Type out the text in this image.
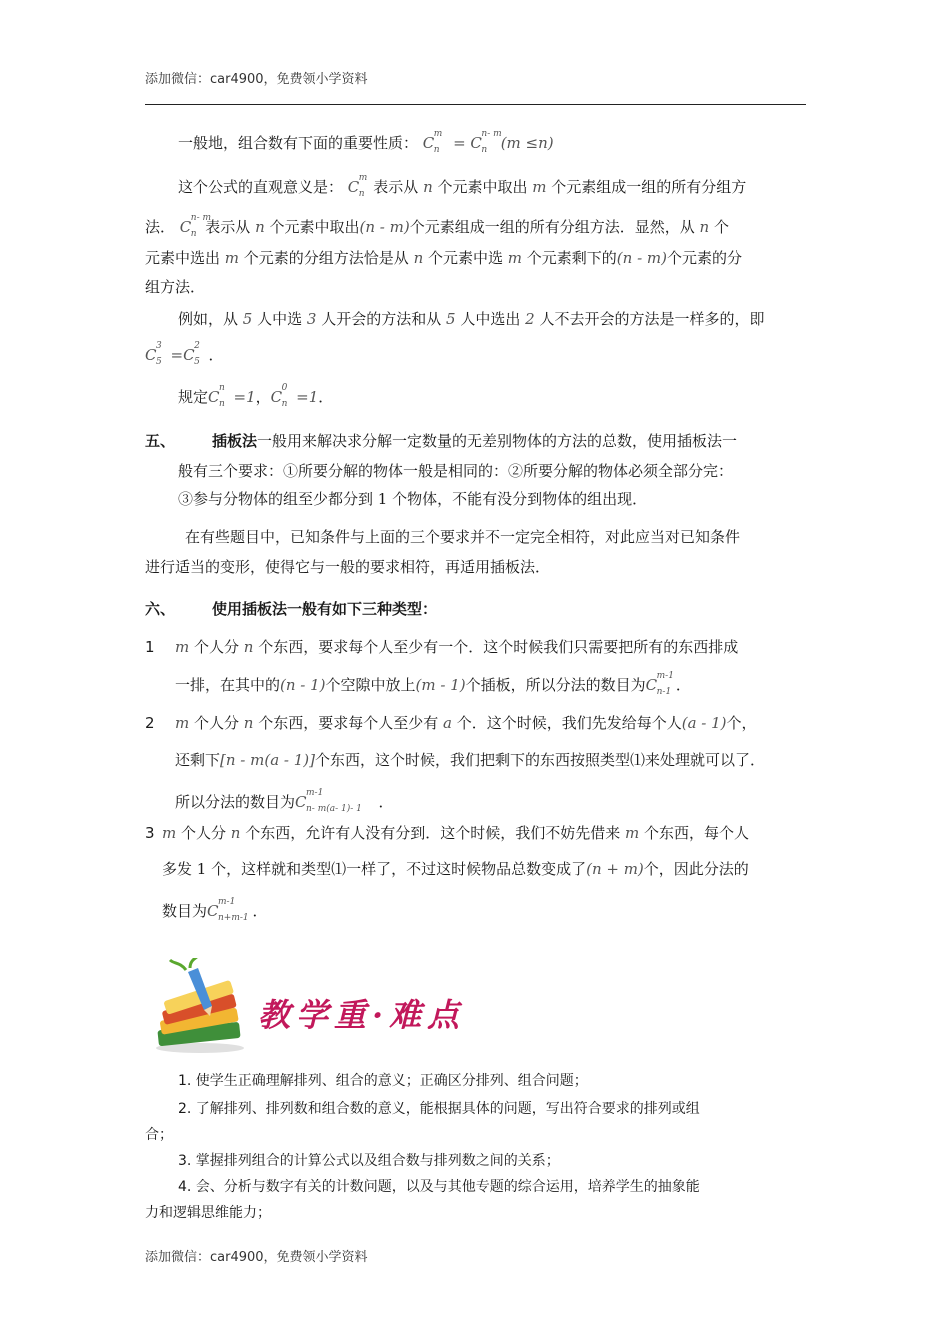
添加微信：car4900，免费领小学资料
一般地，组合数有下面的重要性质： C m
n = C n- m
n (m ≤n)
这个公式的直观意义是： C m
n 表示从 n 个元素中取出 m 个元素组成一组的所有分组方
法． C n- m
n 表示从 n 个元素中取出(n - m)个元素组成一组的所有分组方法．显然，从 n 个
元素中选出 m 个元素的分组方法恰是从 n 个元素中选 m 个元素剩下的(n - m)个元素的分
组方法．
例如，从 5 人中选 3 人开会的方法和从 5 人中选出 2 人不去开会的方法是一样多的，即
C 3
5 =C 2
5 ．
规定C n
n =1，C 0
n =1．
五、 插板法一般用来解决求分解一定数量的无差别物体的方法的总数，使用插板法一
般有三个要求：①所要分解的物体一般是相同的：②所要分解的物体必须全部分完：
③参与分物体的组至少都分到 1 个物体，不能有没分到物体的组出现．
在有些题目中，已知条件与上面的三个要求并不一定完全相符，对此应当对已知条件
进行适当的变形，使得它与一般的要求相符，再适用插板法．
六、 使用插板法一般有如下三种类型：
1 m 个人分 n 个东西，要求每个人至少有一个．这个时候我们只需要把所有的东西排成
一排，在其中的(n - 1)个空隙中放上(m - 1)个插板，所以分法的数目为C m-1
n-1 ．
2 m 个人分 n 个东西，要求每个人至少有 a 个．这个时候，我们先发给每个人(a - 1)个，
还剩下[n - m(a - 1)]个东西，这个时候，我们把剩下的东西按照类型⑴来处理就可以了．
所以分法的数目为C m-1
n- m(a- 1)- 1 ．
3 m 个人分 n 个东西，允许有人没有分到．这个时候，我们不妨先借来 m 个东西，每个人
多发 1 个，这样就和类型⑴一样了，不过这时候物品总数变成了(n + m)个，因此分法的
数目为C m-1
n+m-1 ．
教学重·难点
1. 使学生正确理解排列、组合的意义；正确区分排列、组合问题；
2. 了解排列、排列数和组合数的意义，能根据具体的问题，写出符合要求的排列或组
合；
3. 掌握排列组合的计算公式以及组合数与排列数之间的关系；
4. 会、分析与数字有关的计数问题，以及与其他专题的综合运用，培养学生的抽象能
力和逻辑思维能力；
添加微信：car4900，免费领小学资料
